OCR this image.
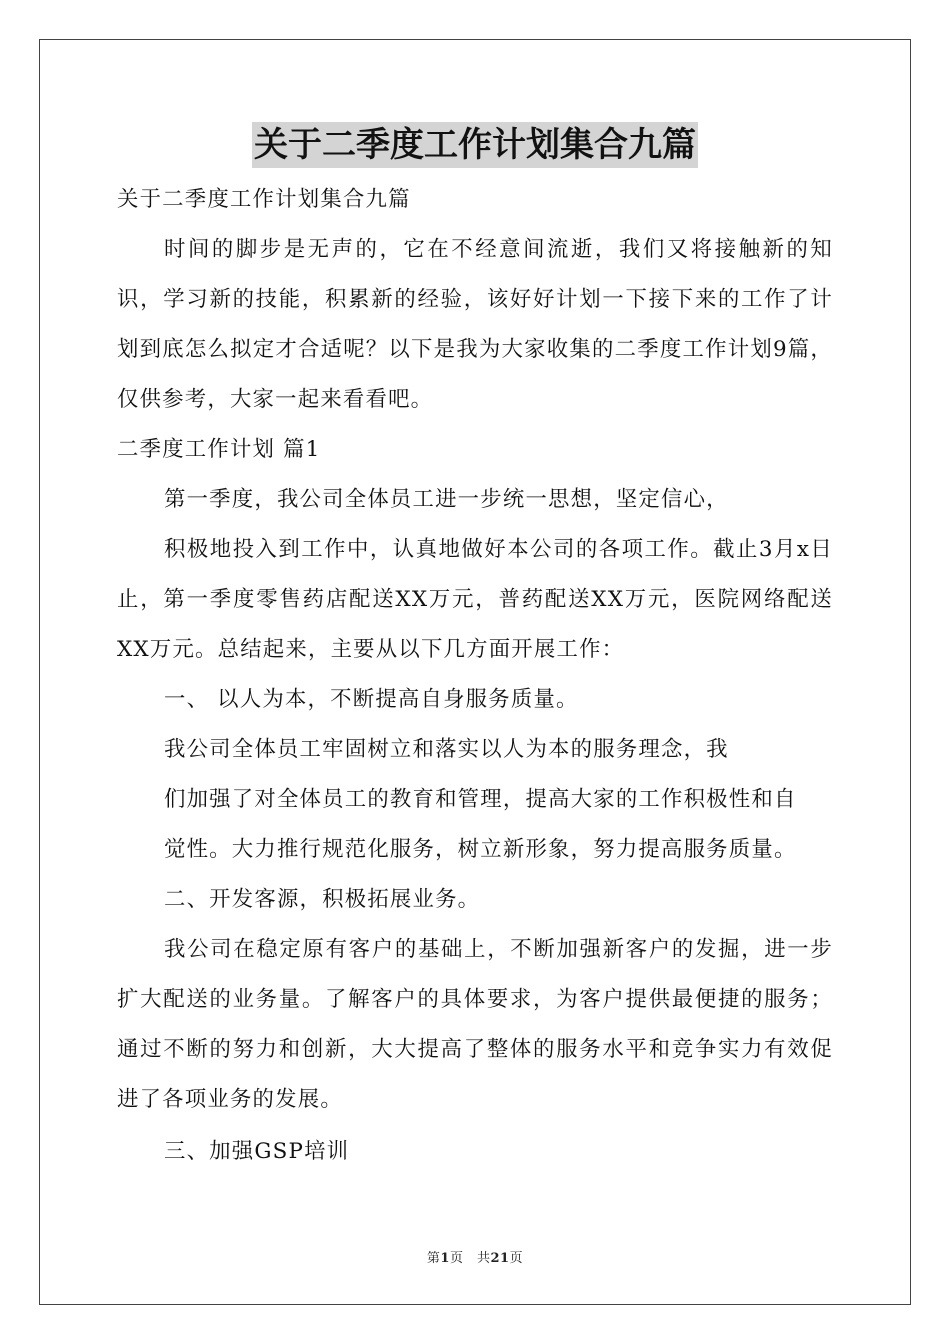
关于二季度工作计划集合九篇

关于二季度工作计划集合九篇

时间的脚步是无声的，它在不经意间流逝，我们又将接触新的知识，学习新的技能，积累新的经验，该好好计划一下接下来的工作了计划到底怎么拟定才合适呢？以下是我为大家收集的二季度工作计划9篇，仅供参考，大家一起来看看吧。

二季度工作计划 篇1

第一季度，我公司全体员工进一步统一思想，坚定信心，

积极地投入到工作中，认真地做好本公司的各项工作。截止3月x日止，第一季度零售药店配送XX万元，普药配送XX万元，医院网络配送XX万元。总结起来，主要从以下几方面开展工作：

一、 以人为本，不断提高自身服务质量。

我公司全体员工牢固树立和落实以人为本的服务理念，我

们加强了对全体员工的教育和管理，提高大家的工作积极性和自

觉性。大力推行规范化服务，树立新形象，努力提高服务质量。

二、开发客源，积极拓展业务。

我公司在稳定原有客户的基础上，不断加强新客户的发掘，进一步扩大配送的业务量。了解客户的具体要求，为客户提供最便捷的服务；通过不断的努力和创新，大大提高了整体的服务水平和竞争实力有效促进了各项业务的发展。

三、加强GSP培训

第1页　共21页
